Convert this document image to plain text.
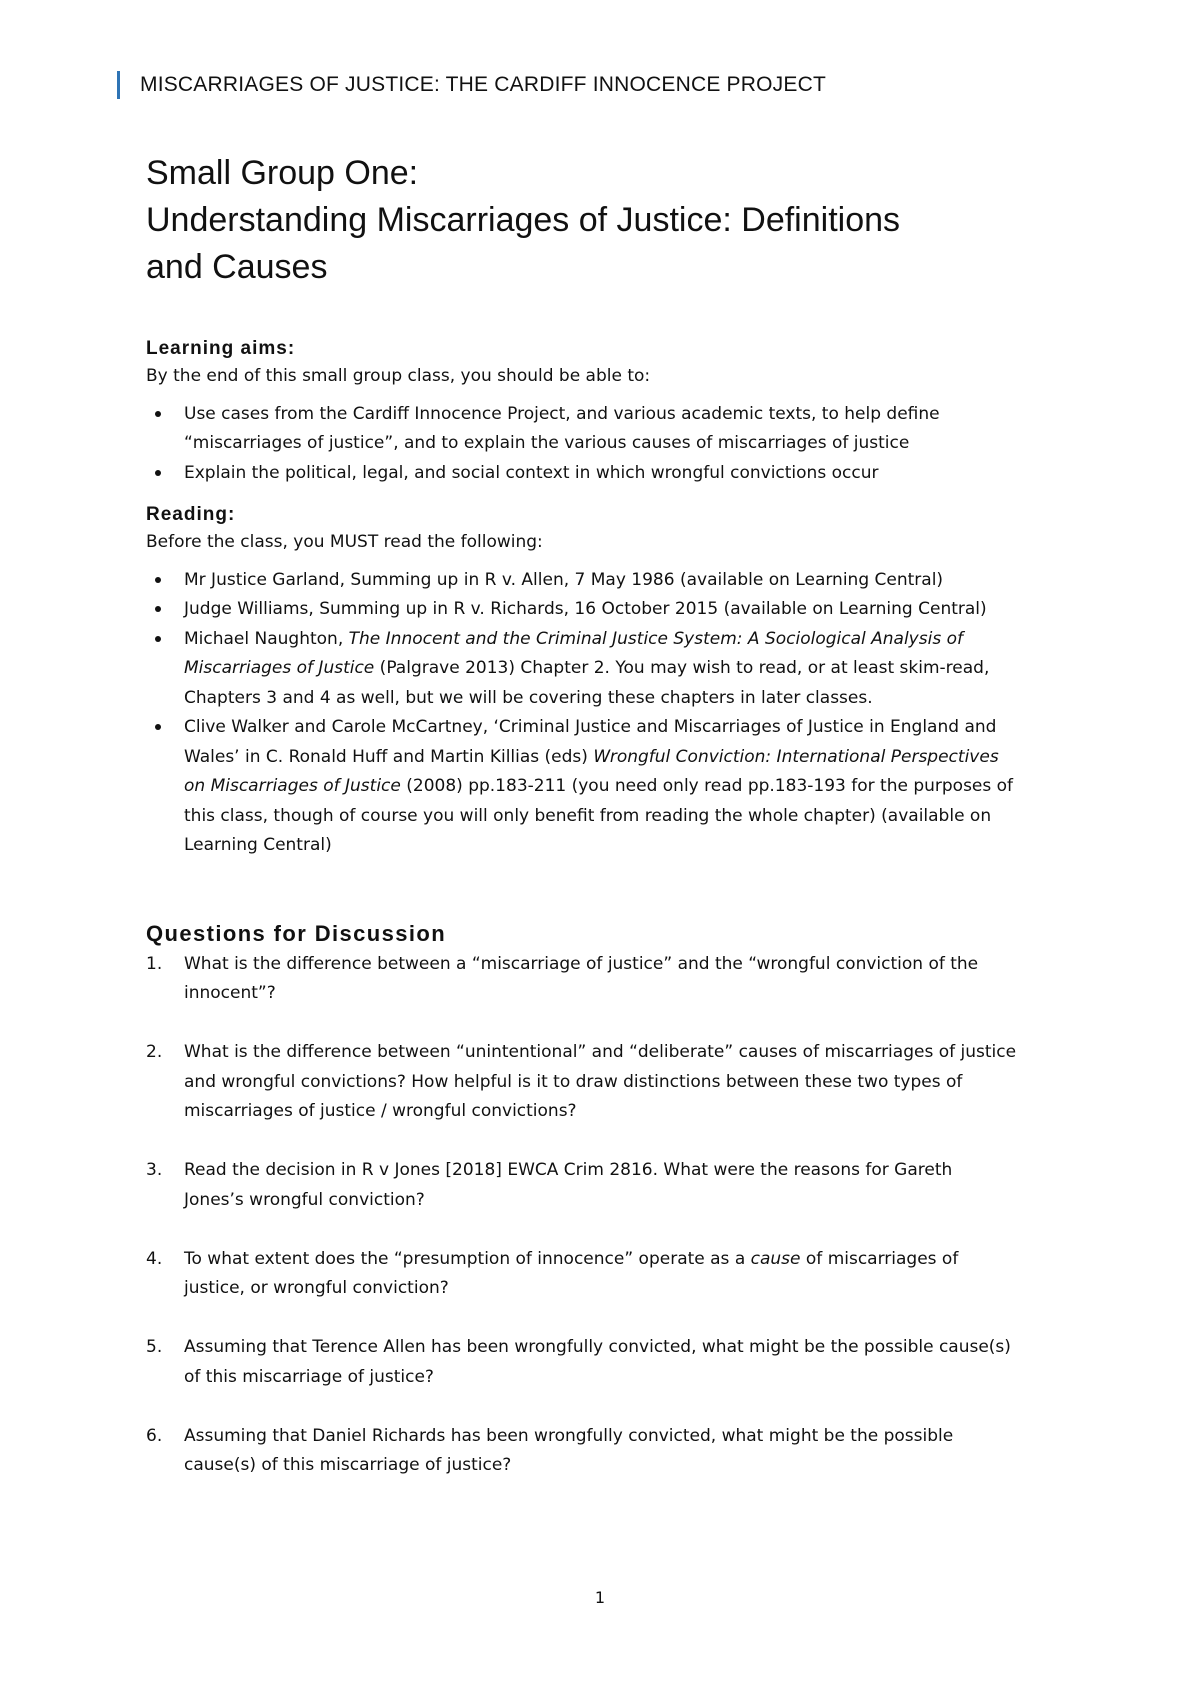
MISCARRIAGES OF JUSTICE: THE CARDIFF INNOCENCE PROJECT
Small Group One:
Understanding Miscarriages of Justice: Definitions
and Causes

Learning aims:

By the end of this small group class, you should be able to:

Use cases from the Cardiff Innocence Project, and various academic texts, to help define
“miscarriages of justice”, and to explain the various causes of miscarriages of justice
Explain the political, legal, and social context in which wrongful convictions occur

Reading:

Before the class, you MUST read the following:

Mr Justice Garland, Summing up in R v. Allen, 7 May 1986 (available on Learning Central)
Judge Williams, Summing up in R v. Richards, 16 October 2015 (available on Learning Central)
Michael Naughton, The Innocent and the Criminal Justice System: A Sociological Analysis of
Miscarriages of Justice (Palgrave 2013) Chapter 2. You may wish to read, or at least skim-read,
Chapters 3 and 4 as well, but we will be covering these chapters in later classes.
Clive Walker and Carole McCartney, ‘Criminal Justice and Miscarriages of Justice in England and
Wales’ in C. Ronald Huff and Martin Killias (eds) Wrongful Conviction: International Perspectives
on Miscarriages of Justice (2008) pp.183-211 (you need only read pp.183-193 for the purposes of
this class, though of course you will only benefit from reading the whole chapter) (available on
Learning Central)

Questions for Discussion

1. What is the difference between a “miscarriage of justice” and the “wrongful conviction of the
innocent”?
2. What is the difference between “unintentional” and “deliberate” causes of miscarriages of justice
and wrongful convictions? How helpful is it to draw distinctions between these two types of
miscarriages of justice / wrongful convictions?
3. Read the decision in R v Jones [2018] EWCA Crim 2816. What were the reasons for Gareth
Jones’s wrongful conviction?
4. To what extent does the “presumption of innocence” operate as a cause of miscarriages of
justice, or wrongful conviction?
5. Assuming that Terence Allen has been wrongfully convicted, what might be the possible cause(s)
of this miscarriage of justice?
6. Assuming that Daniel Richards has been wrongfully convicted, what might be the possible
cause(s) of this miscarriage of justice?
1
